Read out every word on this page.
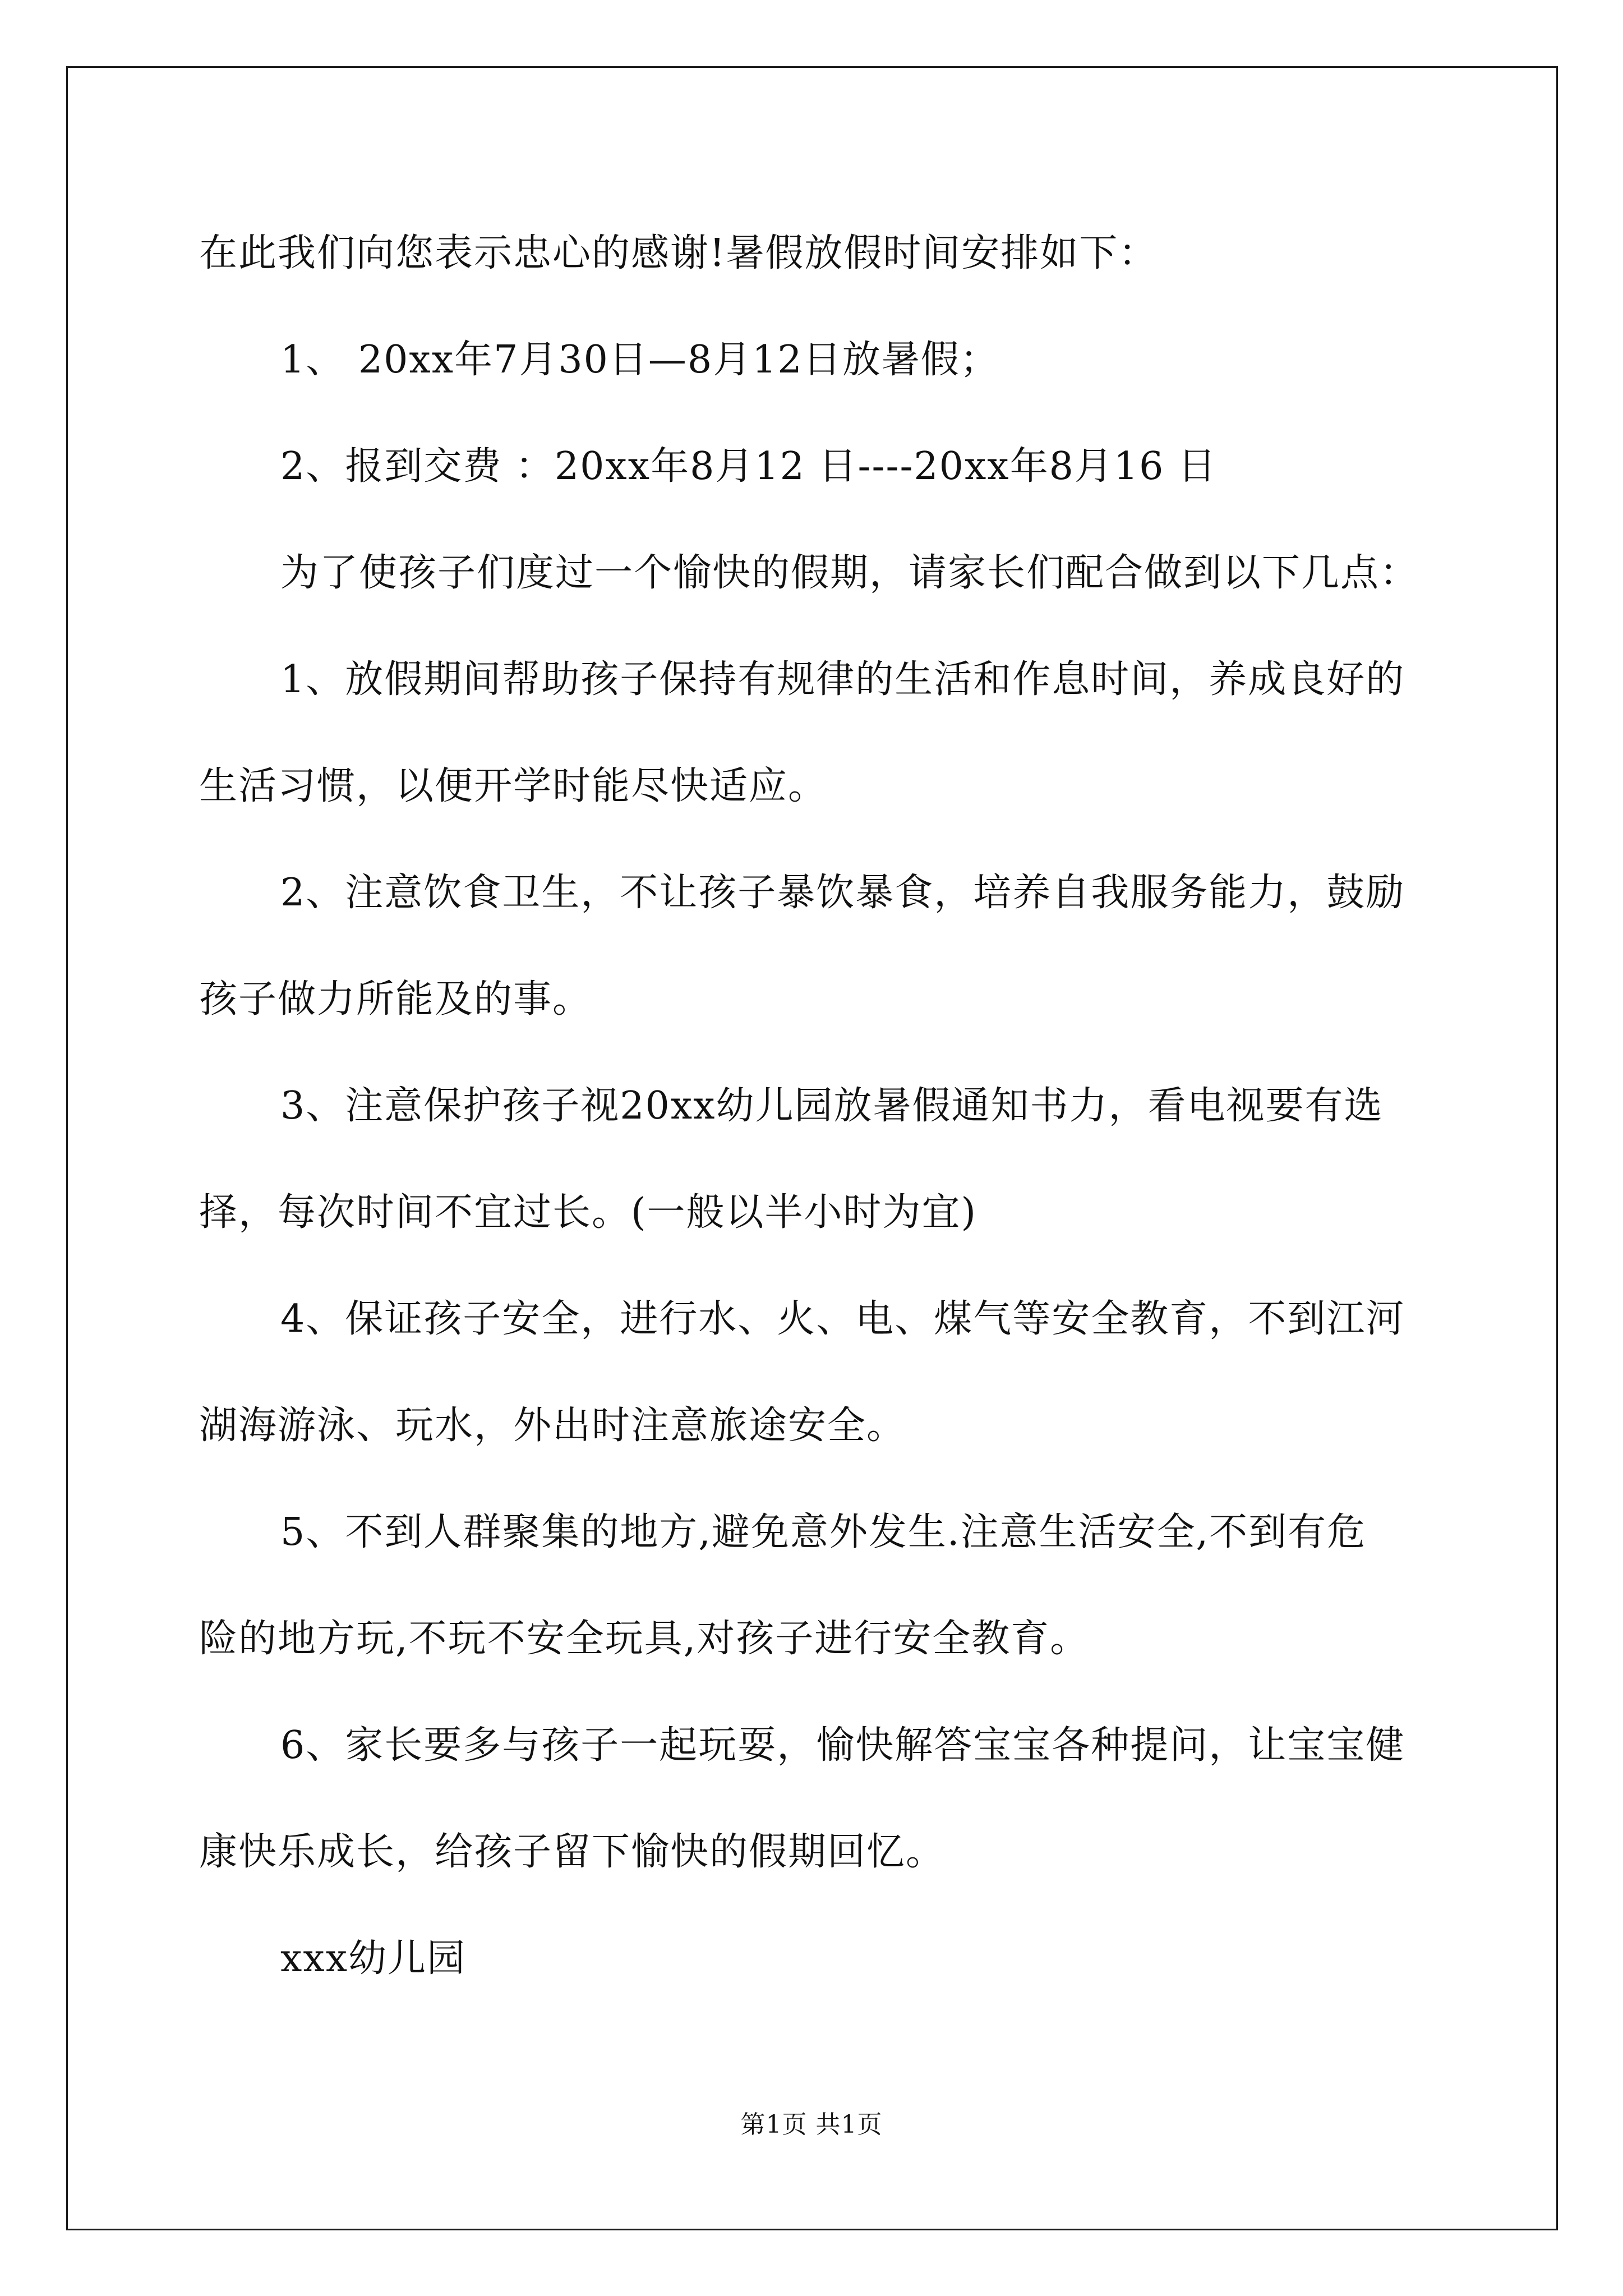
在此我们向您表示忠心的感谢!暑假放假时间安排如下：
1、 20xx年7月30日—8月12日放暑假；
2、报到交费 ：20xx年8月12 日----20xx年8月16 日
为了使孩子们度过一个愉快的假期，请家长们配合做到以下几点：
1、放假期间帮助孩子保持有规律的生活和作息时间，养成良好的
生活习惯，以便开学时能尽快适应。
2、注意饮食卫生，不让孩子暴饮暴食，培养自我服务能力，鼓励
孩子做力所能及的事。
3、注意保护孩子视20xx幼儿园放暑假通知书力，看电视要有选
择，每次时间不宜过长。(一般以半小时为宜)
4、保证孩子安全，进行水、火、电、煤气等安全教育，不到江河
湖海游泳、玩水，外出时注意旅途安全。
5、不到人群聚集的地方,避免意外发生.注意生活安全,不到有危
险的地方玩,不玩不安全玩具,对孩子进行安全教育。
6、家长要多与孩子一起玩耍，愉快解答宝宝各种提问，让宝宝健
康快乐成长，给孩子留下愉快的假期回忆。
xxx幼儿园
第1页 共1页
